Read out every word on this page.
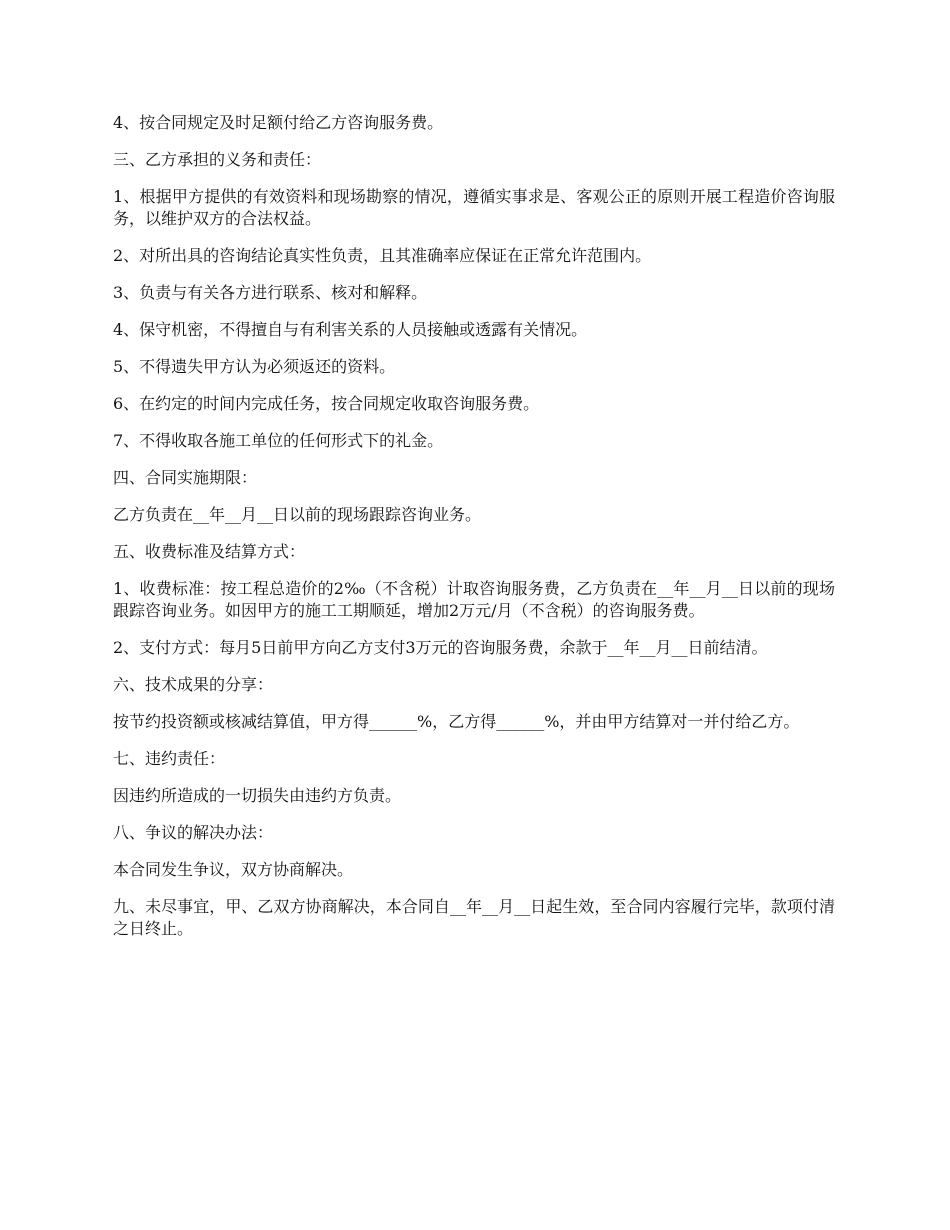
4、按合同规定及时足额付给乙方咨询服务费。

三、乙方承担的义务和责任：

1、根据甲方提供的有效资料和现场勘察的情况，遵循实事求是、客观公正的原则开展工程造价咨询服务，以维护双方的合法权益。

2、对所出具的咨询结论真实性负责，且其准确率应保证在正常允许范围内。

3、负责与有关各方进行联系、核对和解释。

4、保守机密，不得擅自与有利害关系的人员接触或透露有关情况。

5、不得遗失甲方认为必须返还的资料。

6、在约定的时间内完成任务，按合同规定收取咨询服务费。

7、不得收取各施工单位的任何形式下的礼金。

四、合同实施期限：

乙方负责在__年__月__日以前的现场跟踪咨询业务。

五、收费标准及结算方式：

1、收费标准：按工程总造价的2‰（不含税）计取咨询服务费，乙方负责在__年__月__日以前的现场跟踪咨询业务。如因甲方的施工工期顺延，增加2万元/月（不含税）的咨询服务费。

2、支付方式：每月5日前甲方向乙方支付3万元的咨询服务费，余款于__年__月__日前结清。

六、技术成果的分享：

按节约投资额或核减结算值，甲方得______%，乙方得______%，并由甲方结算对一并付给乙方。

七、违约责任：

因违约所造成的一切损失由违约方负责。

八、争议的解决办法：

本合同发生争议，双方协商解决。

九、未尽事宜，甲、乙双方协商解决，本合同自__年__月__日起生效，至合同内容履行完毕，款项付清之日终止。
